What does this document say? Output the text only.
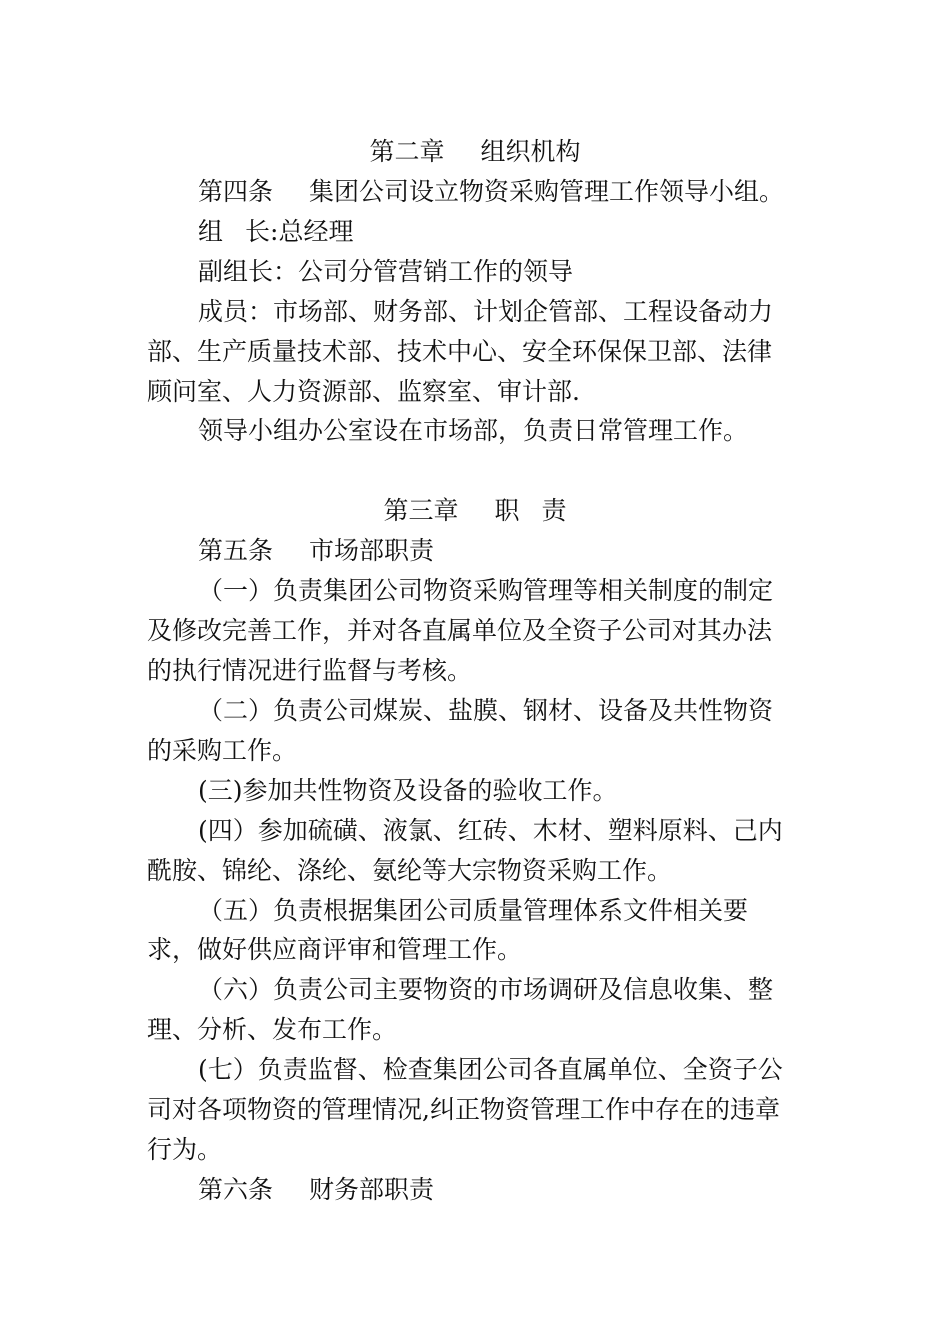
第二章 组织机构
第四条 集团公司设立物资采购管理工作领导小组。
组 长:总经理
副组长：公司分管营销工作的领导
成员：市场部、财务部、计划企管部、工程设备动力
部、生产质量技术部、技术中心、安全环保保卫部、法律
顾问室、人力资源部、监察室、审计部.
领导小组办公室设在市场部，负责日常管理工作。
第三章 职 责
第五条 市场部职责
（一）负责集团公司物资采购管理等相关制度的制定
及修改完善工作，并对各直属单位及全资子公司对其办法
的执行情况进行监督与考核。
（二）负责公司煤炭、盐膜、钢材、设备及共性物资
的采购工作。
(三)参加共性物资及设备的验收工作。
(四）参加硫磺、液氯、红砖、木材、塑料原料、己内
酰胺、锦纶、涤纶、氨纶等大宗物资采购工作。
（五）负责根据集团公司质量管理体系文件相关要
求，做好供应商评审和管理工作。
（六）负责公司主要物资的市场调研及信息收集、整
理、分析、发布工作。
(七）负责监督、检查集团公司各直属单位、全资子公
司对各项物资的管理情况,纠正物资管理工作中存在的违章
行为。
第六条 财务部职责
